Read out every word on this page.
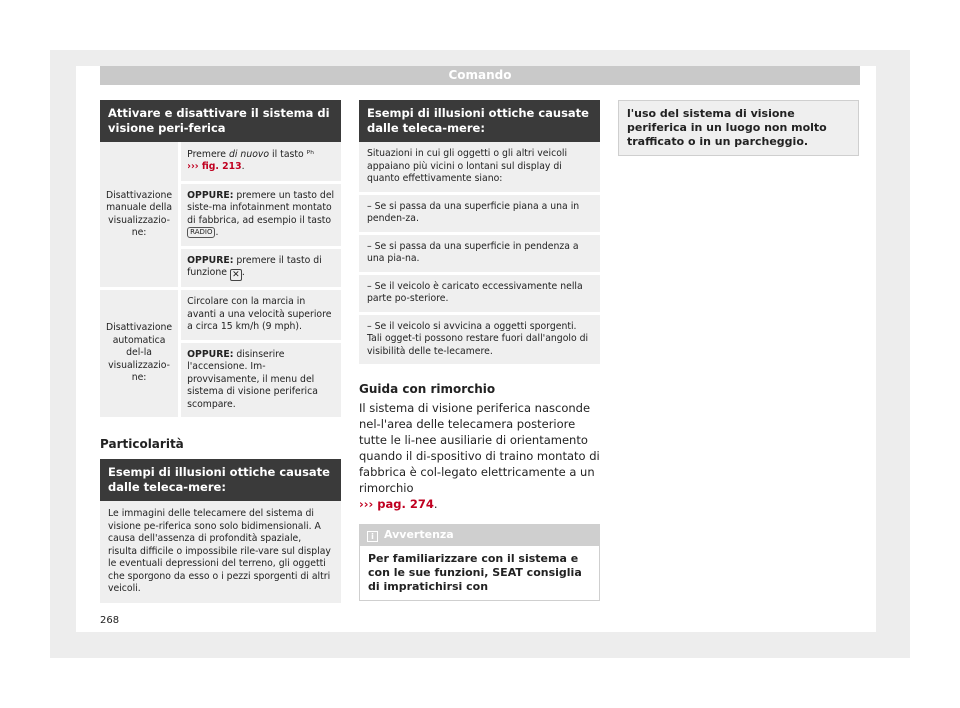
Comando
Attivare e disattivare il sistema di visione peri-ferica
Disattivazione manuale della visualizzazio-ne:	Premere di nuovo il tasto ᴾʰ
››› fig. 213.
	OPPURE: premere un tasto del siste-ma infotainment montato di fabbrica, ad esempio il tasto RADIO .
	OPPURE: premere il tasto di funzione ✕ .
Disattivazione automatica del-la visualizzazio-ne:	Circolare con la marcia in avanti a una velocità superiore a circa 15 km/h (9 mph).
	OPPURE: disinserire l'accensione. Im-provvisamente, il menu del sistema di visione periferica scompare.
Particolarità
Esempi di illusioni ottiche causate dalle teleca-mere:
Le immagini delle telecamere del sistema di visione pe-riferica sono solo bidimensionali. A causa dell'assenza di profondità spaziale, risulta difficile o impossibile rile-vare sul display le eventuali depressioni del terreno, gli oggetti che sporgono da esso o i pezzi sporgenti di altri veicoli.
Esempi di illusioni ottiche causate dalle teleca-mere:
Situazioni in cui gli oggetti o gli altri veicoli appaiano più vicini o lontani sul display di quanto effettivamente siano:
– Se si passa da una superficie piana a una in penden-za.
– Se si passa da una superficie in pendenza a una pia-na.
– Se il veicolo è caricato eccessivamente nella parte po-steriore.
– Se il veicolo si avvicina a oggetti sporgenti. Tali ogget-ti possono restare fuori dall'angolo di visibilità delle te-lecamere.
Guida con rimorchio
Il sistema di visione periferica nasconde nel-l'area delle telecamera posteriore tutte le li-nee ausiliarie di orientamento quando il di-spositivo di traino montato di fabbrica è col-legato elettricamente a un rimorchio
››› pag. 274.
i Avvertenza
Per familiarizzare con il sistema e con le sue funzioni, SEAT consiglia di impratichirsi con
l'uso del sistema di visione periferica in un luogo non molto trafficato o in un parcheggio.
268
